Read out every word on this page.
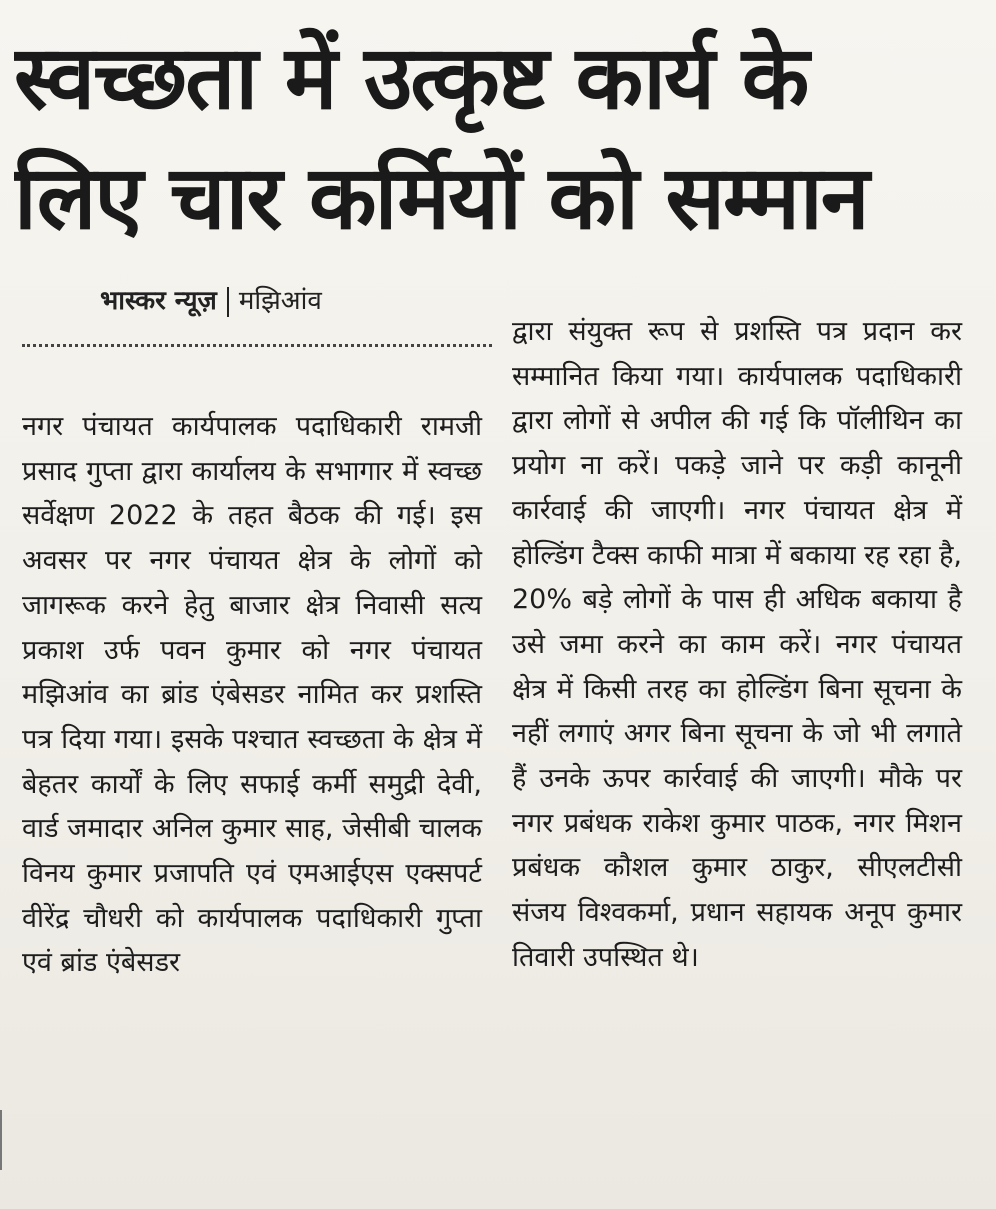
स्वच्छता में उत्कृष्ट कार्य के
लिए चार कर्मियों को सम्मान
भास्कर न्यूज़ मझिआंव

नगर पंचायत कार्यपालक पदाधिकारी रामजी प्रसाद गुप्ता द्वारा कार्यालय के सभागार में स्वच्छ सर्वेक्षण 2022 के तहत बैठक की गई। इस अवसर पर नगर पंचायत क्षेत्र के लोगों को जागरूक करने हेतु बाजार क्षेत्र निवासी सत्य प्रकाश उर्फ पवन कुमार को नगर पंचायत मझिआंव का ब्रांड एंबेसडर नामित कर प्रशस्ति पत्र दिया गया। इसके पश्चात स्वच्छता के क्षेत्र में बेहतर कार्यों के लिए सफाई कर्मी समुद्री देवी, वार्ड जमादार अनिल कुमार साह, जेसीबी चालक विनय कुमार प्रजापति एवं एमआईएस एक्सपर्ट वीरेंद्र चौधरी को कार्यपालक पदाधिकारी गुप्ता एवं ब्रांड एंबेसडर

द्वारा संयुक्त रूप से प्रशस्ति पत्र प्रदान कर सम्मानित किया गया। कार्यपालक पदाधिकारी द्वारा लोगों से अपील की गई कि पॉलीथिन का प्रयोग ना करें। पकड़े जाने पर कड़ी कानूनी कार्रवाई की जाएगी। नगर पंचायत क्षेत्र में होल्डिंग टैक्स काफी मात्रा में बकाया रह रहा है, 20% बड़े लोगों के पास ही अधिक बकाया है उसे जमा करने का काम करें। नगर पंचायत क्षेत्र में किसी तरह का होल्डिंग बिना सूचना के नहीं लगाएं अगर बिना सूचना के जो भी लगाते हैं उनके ऊपर कार्रवाई की जाएगी। मौके पर नगर प्रबंधक राकेश कुमार पाठक, नगर मिशन प्रबंधक कौशल कुमार ठाकुर, सीएलटीसी संजय विश्वकर्मा, प्रधान सहायक अनूप कुमार तिवारी उपस्थित थे।
